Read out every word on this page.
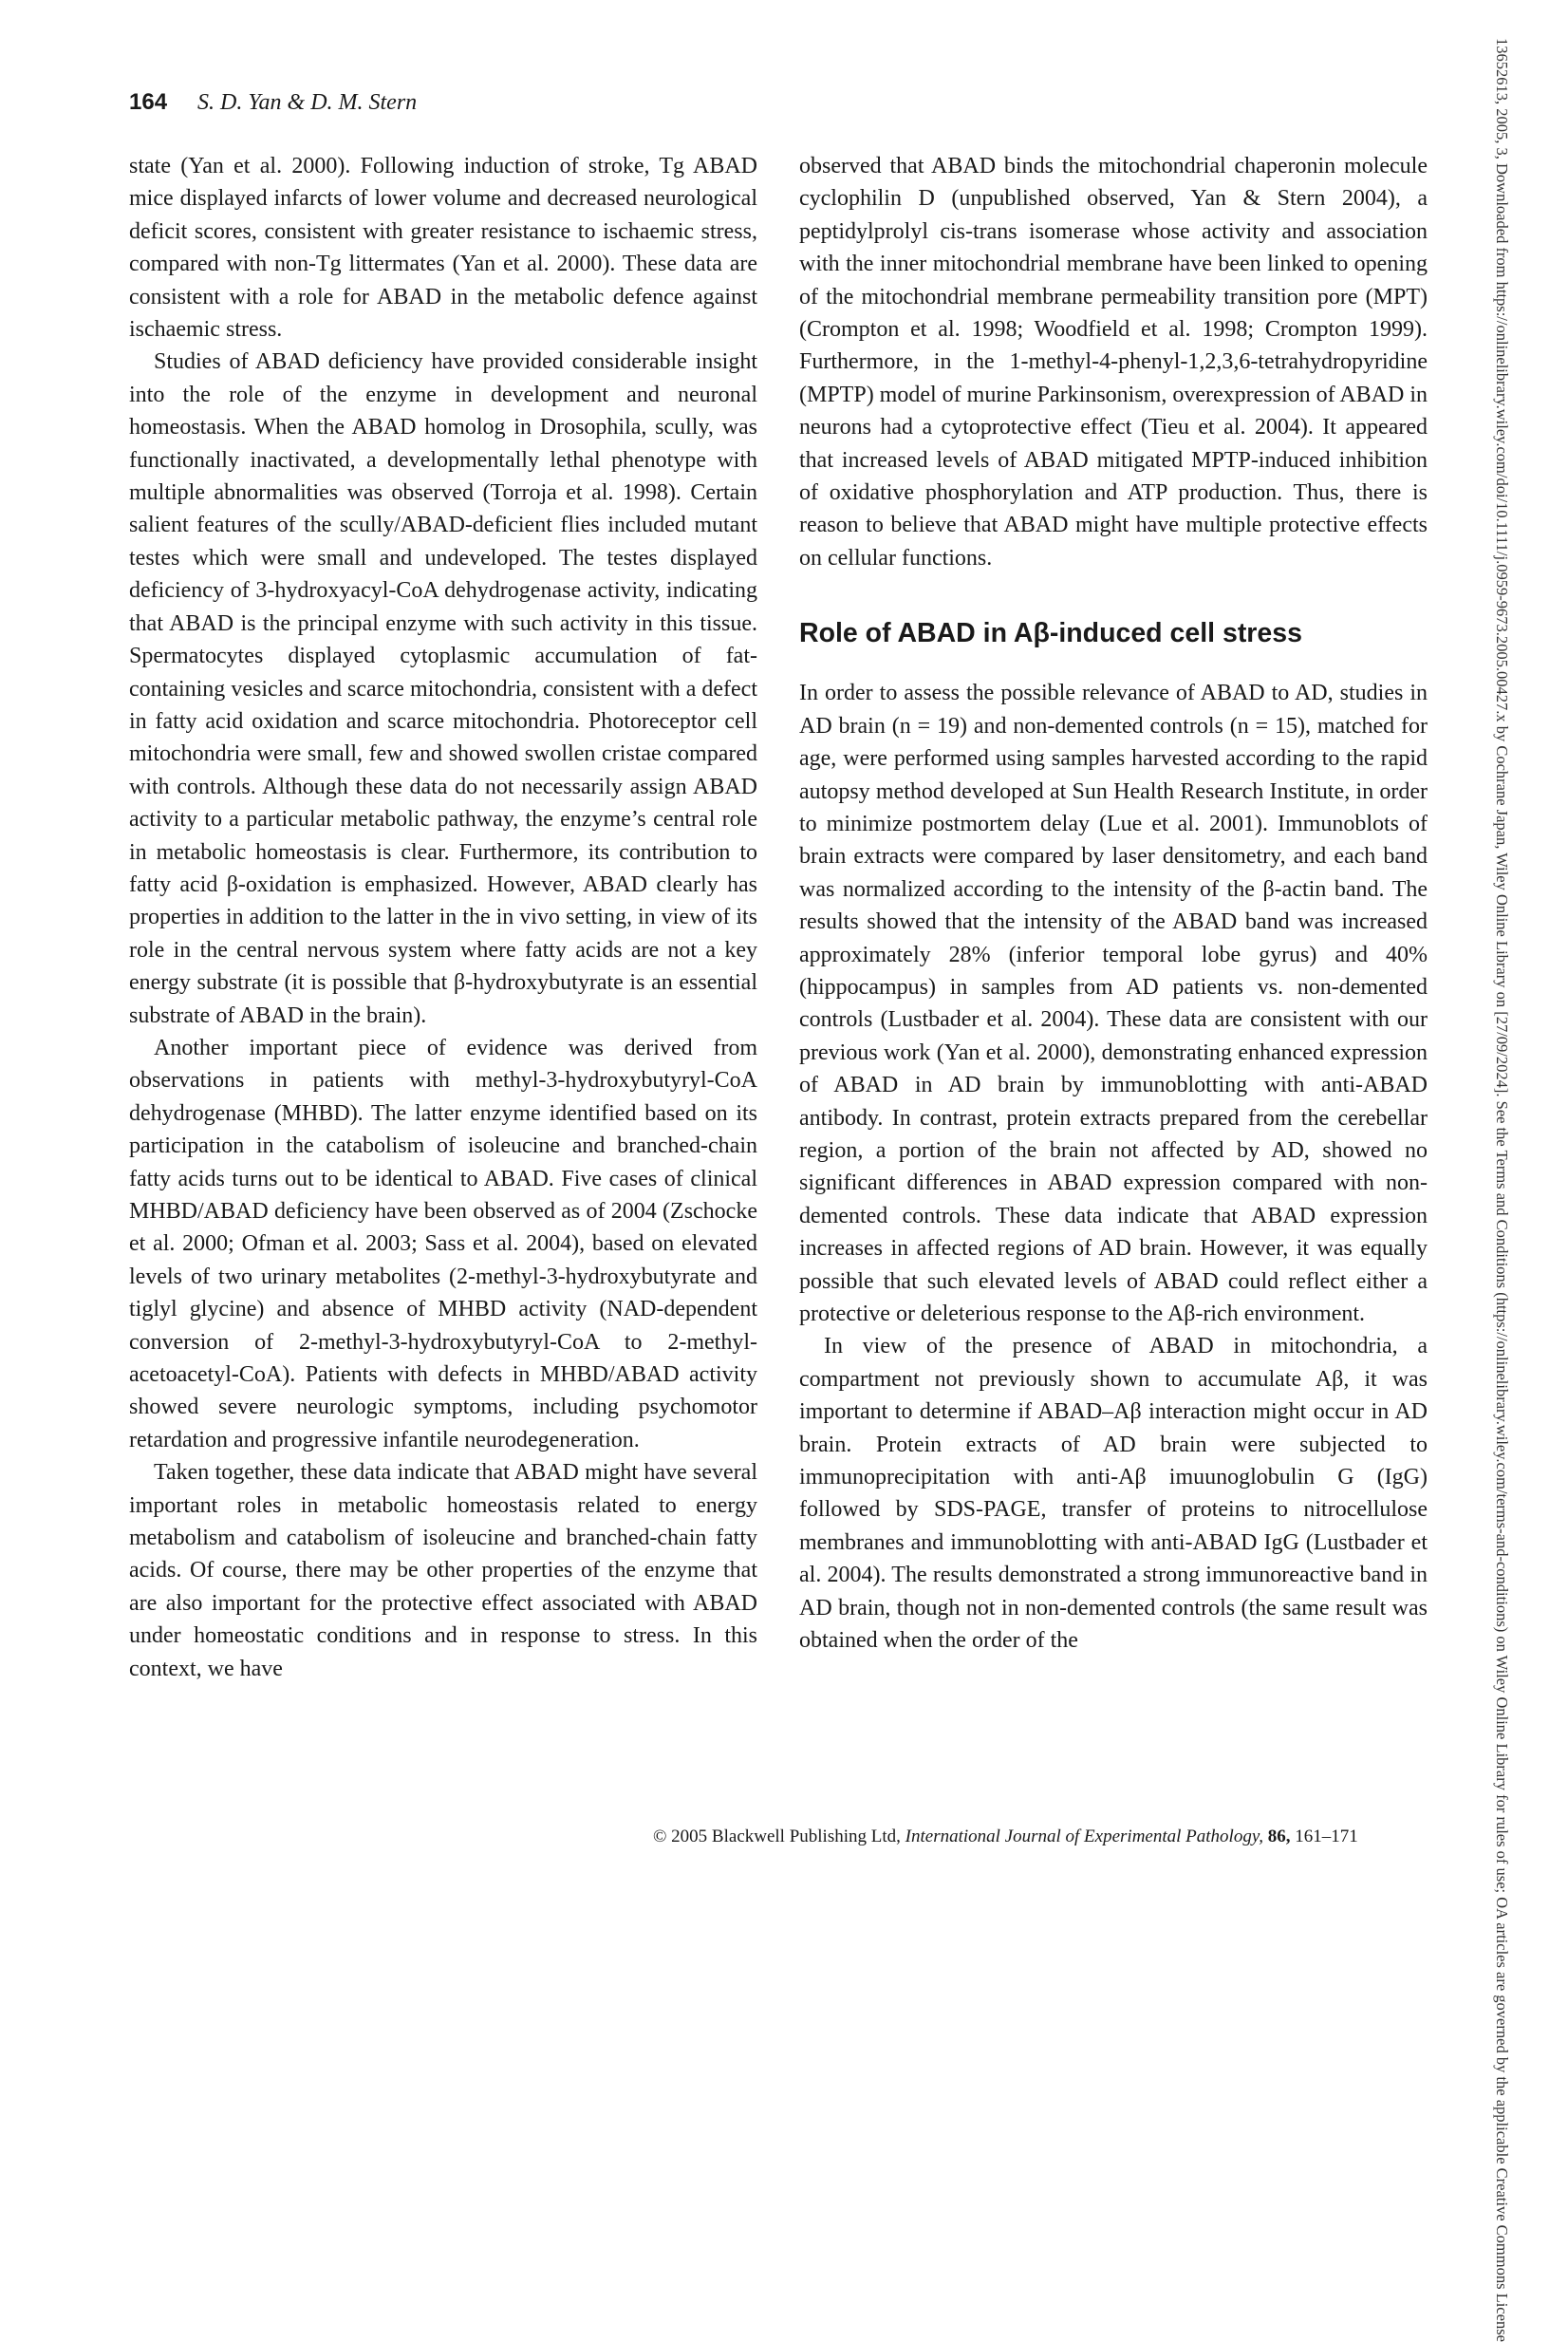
164 S. D. Yan & D. M. Stern

state (Yan et al. 2000). Following induction of stroke, Tg ABAD mice displayed infarcts of lower volume and decreased neurological deficit scores, consistent with greater resistance to ischaemic stress, compared with non-Tg littermates (Yan et al. 2000). These data are consistent with a role for ABAD in the metabolic defence against ischaemic stress.

Studies of ABAD deficiency have provided considerable insight into the role of the enzyme in development and neuronal homeostasis. When the ABAD homolog in Drosophila, scully, was functionally inactivated, a developmentally lethal phenotype with multiple abnormalities was observed (Torroja et al. 1998). Certain salient features of the scully/ABAD-deficient flies included mutant testes which were small and undeveloped. The testes displayed deficiency of 3-hydroxyacyl-CoA dehydrogenase activity, indicating that ABAD is the principal enzyme with such activity in this tissue. Spermatocytes displayed cytoplasmic accumulation of fat-containing vesicles and scarce mitochondria, consistent with a defect in fatty acid oxidation and scarce mitochondria. Photoreceptor cell mitochondria were small, few and showed swollen cristae compared with controls. Although these data do not necessarily assign ABAD activity to a particular metabolic pathway, the enzyme’s central role in metabolic homeostasis is clear. Furthermore, its contribution to fatty acid β-oxidation is emphasized. However, ABAD clearly has properties in addition to the latter in the in vivo setting, in view of its role in the central nervous system where fatty acids are not a key energy substrate (it is possible that β-hydroxybutyrate is an essential substrate of ABAD in the brain).

Another important piece of evidence was derived from observations in patients with methyl-3-hydroxybutyryl-CoA dehydrogenase (MHBD). The latter enzyme identified based on its participation in the catabolism of isoleucine and branched-chain fatty acids turns out to be identical to ABAD. Five cases of clinical MHBD/ABAD deficiency have been observed as of 2004 (Zschocke et al. 2000; Ofman et al. 2003; Sass et al. 2004), based on elevated levels of two urinary metabolites (2-methyl-3-hydroxybutyrate and tiglyl glycine) and absence of MHBD activity (NAD-dependent conversion of 2-methyl-3-hydroxybutyryl-CoA to 2-methyl-acetoacetyl-CoA). Patients with defects in MHBD/ABAD activity showed severe neurologic symptoms, including psychomotor retardation and progressive infantile neurodegeneration.

Taken together, these data indicate that ABAD might have several important roles in metabolic homeostasis related to energy metabolism and catabolism of isoleucine and branched-chain fatty acids. Of course, there may be other properties of the enzyme that are also important for the protective effect associated with ABAD under homeostatic conditions and in response to stress. In this context, we have

observed that ABAD binds the mitochondrial chaperonin molecule cyclophilin D (unpublished observed, Yan & Stern 2004), a peptidylprolyl cis-trans isomerase whose activity and association with the inner mitochondrial membrane have been linked to opening of the mitochondrial membrane permeability transition pore (MPT) (Crompton et al. 1998; Woodfield et al. 1998; Crompton 1999). Furthermore, in the 1-methyl-4-phenyl-1,2,3,6-tetrahydropyridine (MPTP) model of murine Parkinsonism, overexpression of ABAD in neurons had a cytoprotective effect (Tieu et al. 2004). It appeared that increased levels of ABAD mitigated MPTP-induced inhibition of oxidative phosphorylation and ATP production. Thus, there is reason to believe that ABAD might have multiple protective effects on cellular functions.

Role of ABAD in Aβ-induced cell stress

In order to assess the possible relevance of ABAD to AD, studies in AD brain (n = 19) and non-demented controls (n = 15), matched for age, were performed using samples harvested according to the rapid autopsy method developed at Sun Health Research Institute, in order to minimize postmortem delay (Lue et al. 2001). Immunoblots of brain extracts were compared by laser densitometry, and each band was normalized according to the intensity of the β-actin band. The results showed that the intensity of the ABAD band was increased approximately 28% (inferior temporal lobe gyrus) and 40% (hippocampus) in samples from AD patients vs. non-demented controls (Lustbader et al. 2004). These data are consistent with our previous work (Yan et al. 2000), demonstrating enhanced expression of ABAD in AD brain by immunoblotting with anti-ABAD antibody. In contrast, protein extracts prepared from the cerebellar region, a portion of the brain not affected by AD, showed no significant differences in ABAD expression compared with non-demented controls. These data indicate that ABAD expression increases in affected regions of AD brain. However, it was equally possible that such elevated levels of ABAD could reflect either a protective or deleterious response to the Aβ-rich environment.

In view of the presence of ABAD in mitochondria, a compartment not previously shown to accumulate Aβ, it was important to determine if ABAD–Aβ interaction might occur in AD brain. Protein extracts of AD brain were subjected to immunoprecipitation with anti-Aβ imuunoglobulin G (IgG) followed by SDS-PAGE, transfer of proteins to nitrocellulose membranes and immunoblotting with anti-ABAD IgG (Lustbader et al. 2004). The results demonstrated a strong immunoreactive band in AD brain, though not in non-demented controls (the same result was obtained when the order of the

© 2005 Blackwell Publishing Ltd, International Journal of Experimental Pathology, 86, 161–171	13652613, 2005, 3, Downloaded from https://onlinelibrary.wiley.com/doi/10.1111/j.0959-9673.2005.00427.x by Cochrane Japan, Wiley Online Library on [27/09/2024]. See the Terms and Conditions (https://onlinelibrary.wiley.com/terms-and-conditions) on Wiley Online Library for rules of use; OA articles are governed by the applicable Creative Commons License
